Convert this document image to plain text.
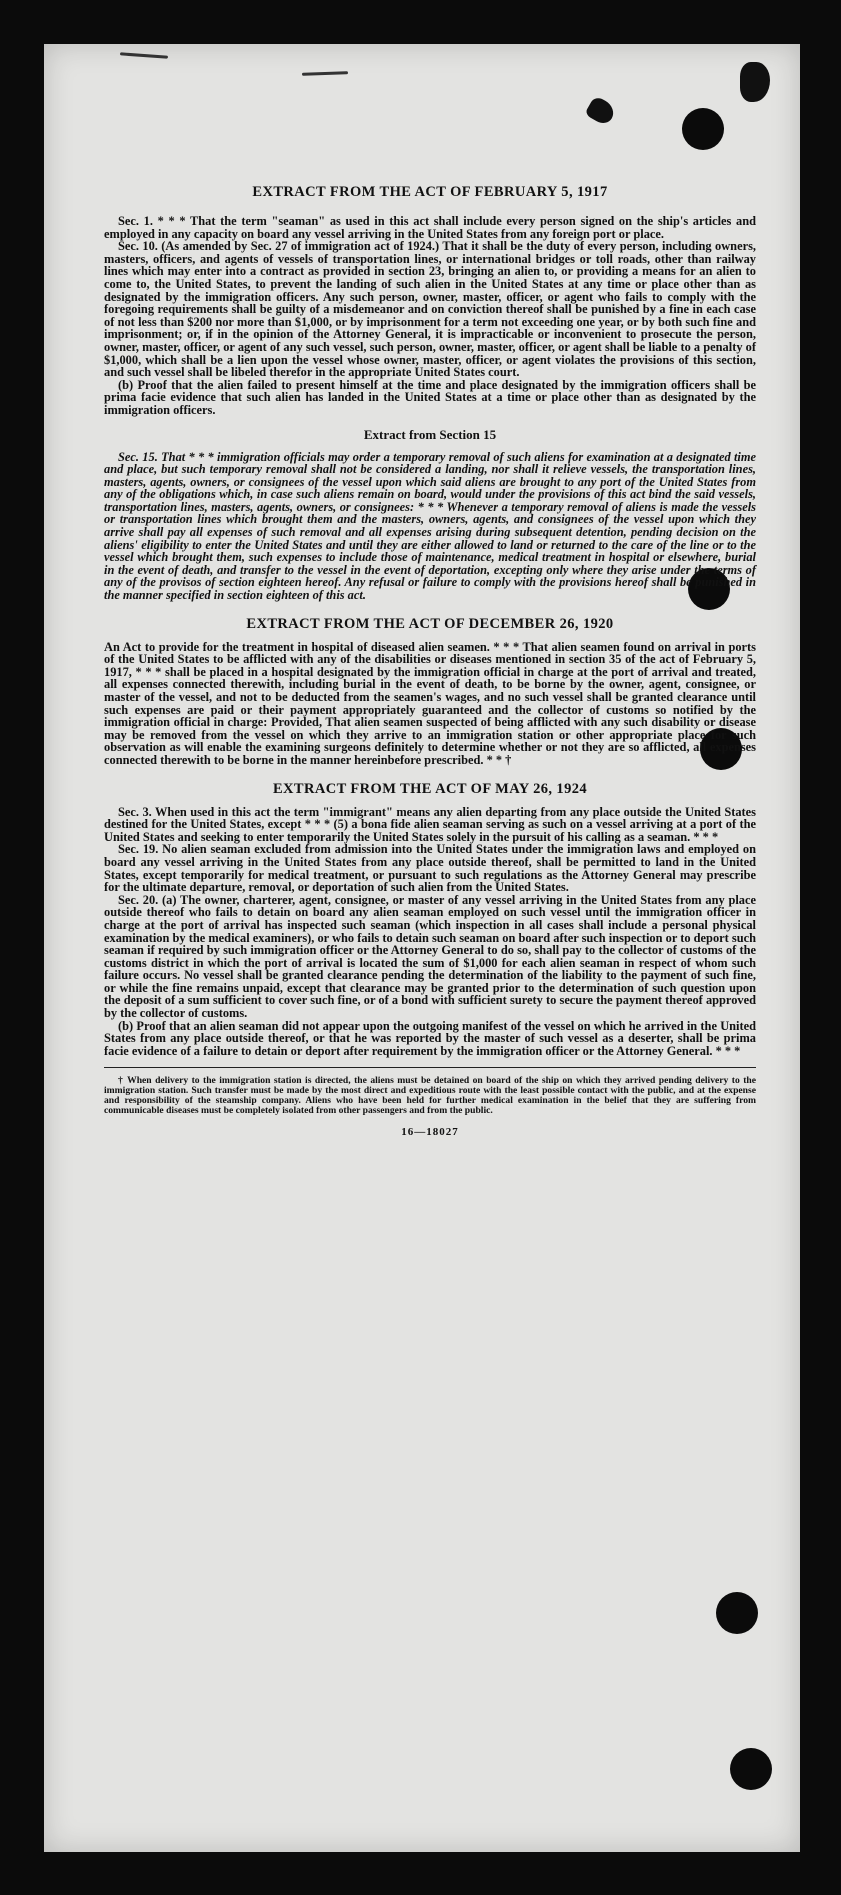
EXTRACT FROM THE ACT OF FEBRUARY 5, 1917

Sec. 1. * * * That the term "seaman" as used in this act shall include every person signed on the ship's articles and employed in any capacity on board any vessel arriving in the United States from any foreign port or place.

Sec. 10. (As amended by Sec. 27 of immigration act of 1924.) That it shall be the duty of every person, including owners, masters, officers, and agents of vessels of transportation lines, or international bridges or toll roads, other than railway lines which may enter into a contract as provided in section 23, bringing an alien to, or providing a means for an alien to come to, the United States, to prevent the landing of such alien in the United States at any time or place other than as designated by the immigration officers. Any such person, owner, master, officer, or agent who fails to comply with the foregoing requirements shall be guilty of a misdemeanor and on conviction thereof shall be punished by a fine in each case of not less than $200 nor more than $1,000, or by imprisonment for a term not exceeding one year, or by both such fine and imprisonment; or, if in the opinion of the Attorney General, it is impracticable or inconvenient to prosecute the person, owner, master, officer, or agent of any such vessel, such person, owner, master, officer, or agent shall be liable to a penalty of $1,000, which shall be a lien upon the vessel whose owner, master, officer, or agent violates the provisions of this section, and such vessel shall be libeled therefor in the appropriate United States court.

(b) Proof that the alien failed to present himself at the time and place designated by the immigration officers shall be prima facie evidence that such alien has landed in the United States at a time or place other than as designated by the immigration officers.

Extract from Section 15

Sec. 15. That * * * immigration officials may order a temporary removal of such aliens for examination at a designated time and place, but such temporary removal shall not be considered a landing, nor shall it relieve vessels, the transportation lines, masters, agents, owners, or consignees of the vessel upon which said aliens are brought to any port of the United States from any of the obligations which, in case such aliens remain on board, would under the provisions of this act bind the said vessels, transportation lines, masters, agents, owners, or consignees: * * * Whenever a temporary removal of aliens is made the vessels or transportation lines which brought them and the masters, owners, agents, and consignees of the vessel upon which they arrive shall pay all expenses of such removal and all expenses arising during subsequent detention, pending decision on the aliens' eligibility to enter the United States and until they are either allowed to land or returned to the care of the line or to the vessel which brought them, such expenses to include those of maintenance, medical treatment in hospital or elsewhere, burial in the event of death, and transfer to the vessel in the event of deportation, excepting only where they arise under the terms of any of the provisos of section eighteen hereof. Any refusal or failure to comply with the provisions hereof shall be punished in the manner specified in section eighteen of this act.

EXTRACT FROM THE ACT OF DECEMBER 26, 1920

An Act to provide for the treatment in hospital of diseased alien seamen. * * * That alien seamen found on arrival in ports of the United States to be afflicted with any of the disabilities or diseases mentioned in section 35 of the act of February 5, 1917, * * * shall be placed in a hospital designated by the immigration official in charge at the port of arrival and treated, all expenses connected therewith, including burial in the event of death, to be borne by the owner, agent, consignee, or master of the vessel, and not to be deducted from the seamen's wages, and no such vessel shall be granted clearance until such expenses are paid or their payment appropriately guaranteed and the collector of customs so notified by the immigration official in charge: Provided, That alien seamen suspected of being afflicted with any such disability or disease may be removed from the vessel on which they arrive to an immigration station or other appropriate place for such observation as will enable the examining surgeons definitely to determine whether or not they are so afflicted, all expenses connected therewith to be borne in the manner hereinbefore prescribed. * * †

EXTRACT FROM THE ACT OF MAY 26, 1924

Sec. 3. When used in this act the term "immigrant" means any alien departing from any place outside the United States destined for the United States, except * * * (5) a bona fide alien seaman serving as such on a vessel arriving at a port of the United States and seeking to enter temporarily the United States solely in the pursuit of his calling as a seaman. * * *

Sec. 19. No alien seaman excluded from admission into the United States under the immigration laws and employed on board any vessel arriving in the United States from any place outside thereof, shall be permitted to land in the United States, except temporarily for medical treatment, or pursuant to such regulations as the Attorney General may prescribe for the ultimate departure, removal, or deportation of such alien from the United States.

Sec. 20. (a) The owner, charterer, agent, consignee, or master of any vessel arriving in the United States from any place outside thereof who fails to detain on board any alien seaman employed on such vessel until the immigration officer in charge at the port of arrival has inspected such seaman (which inspection in all cases shall include a personal physical examination by the medical examiners), or who fails to detain such seaman on board after such inspection or to deport such seaman if required by such immigration officer or the Attorney General to do so, shall pay to the collector of customs of the customs district in which the port of arrival is located the sum of $1,000 for each alien seaman in respect of whom such failure occurs. No vessel shall be granted clearance pending the determination of the liability to the payment of such fine, or while the fine remains unpaid, except that clearance may be granted prior to the determination of such question upon the deposit of a sum sufficient to cover such fine, or of a bond with sufficient surety to secure the payment thereof approved by the collector of customs.

(b) Proof that an alien seaman did not appear upon the outgoing manifest of the vessel on which he arrived in the United States from any place outside thereof, or that he was reported by the master of such vessel as a deserter, shall be prima facie evidence of a failure to detain or deport after requirement by the immigration officer or the Attorney General. * * *

† When delivery to the immigration station is directed, the aliens must be detained on board of the ship on which they arrived pending delivery to the immigration station. Such transfer must be made by the most direct and expeditious route with the least possible contact with the public, and at the expense and responsibility of the steamship company. Aliens who have been held for further medical examination in the belief that they are suffering from communicable diseases must be completely isolated from other passengers and from the public.

16—18027
